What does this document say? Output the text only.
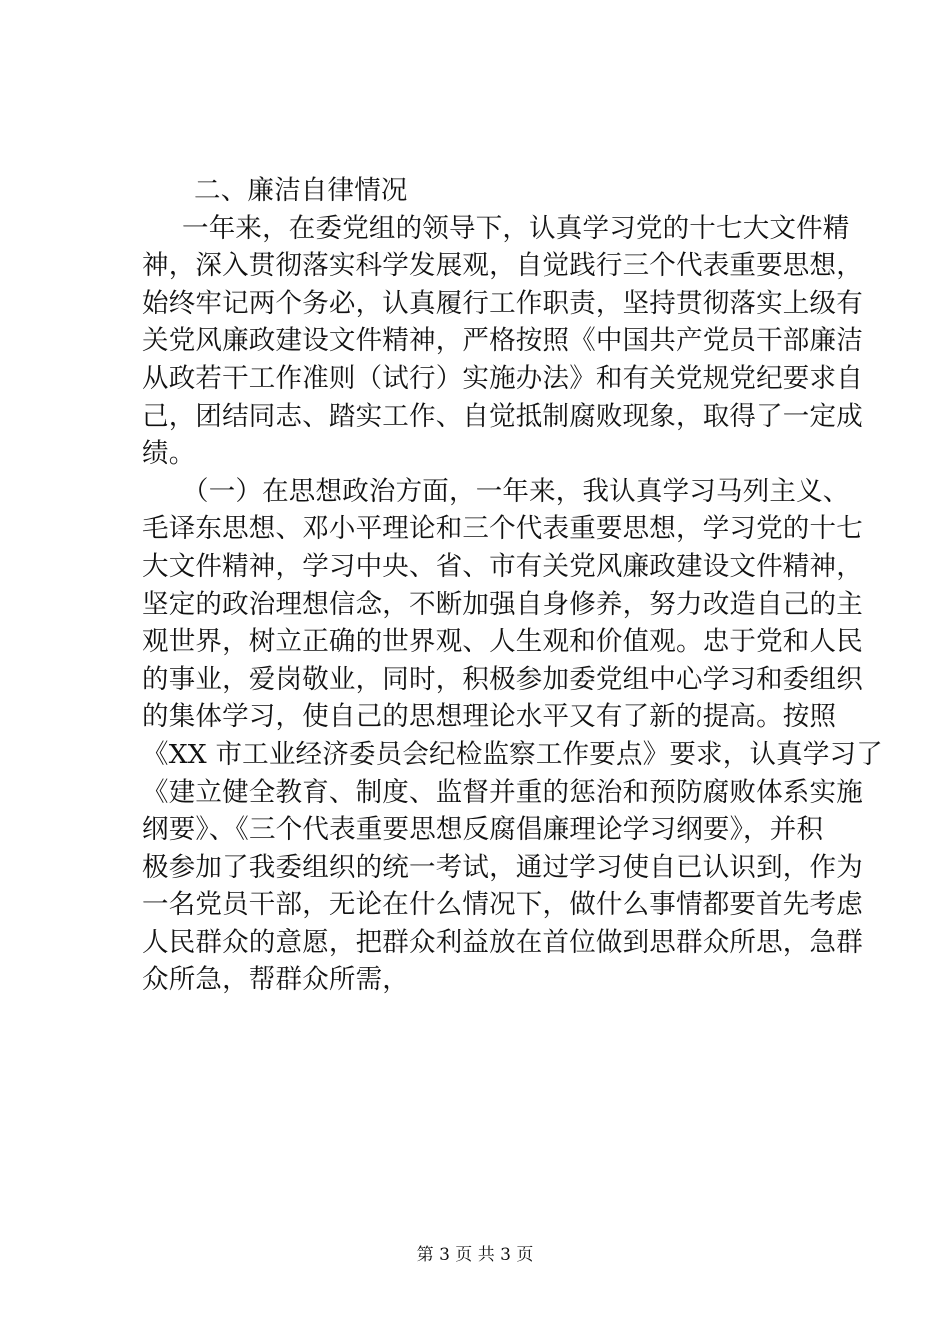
二、廉洁自律情况
一年来，在委党组的领导下，认真学习党的十七大文件精
神，深入贯彻落实科学发展观，自觉践行三个代表重要思想，
始终牢记两个务必，认真履行工作职责，坚持贯彻落实上级有
关党风廉政建设文件精神，严格按照《中国共产党员干部廉洁
从政若干工作准则（试行）实施办法》和有关党规党纪要求自
己，团结同志、踏实工作、自觉抵制腐败现象，取得了一定成
绩。
（一）在思想政治方面，一年来，我认真学习马列主义、
毛译东思想、邓小平理论和三个代表重要思想，学习党的十七
大文件精神，学习中央、省、市有关党风廉政建设文件精神，
坚定的政治理想信念，不断加强自身修养，努力改造自己的主
观世界，树立正确的世界观、人生观和价值观。忠于党和人民
的事业，爱岗敬业，同时，积极参加委党组中心学习和委组织
的集体学习，使自己的思想理论水平又有了新的提高。按照
《XX 市工业经济委员会纪检监察工作要点》要求，认真学习了
《建立健全教育、制度、监督并重的惩治和预防腐败体系实施
纲要》、《三个代表重要思想反腐倡廉理论学习纲要》，并积
极参加了我委组织的统一考试，通过学习使自已认识到，作为
一名党员干部，无论在什么情况下，做什么事情都要首先考虑
人民群众的意愿，把群众利益放在首位做到思群众所思，急群
众所急，帮群众所需，
第 3 页 共 3 页
